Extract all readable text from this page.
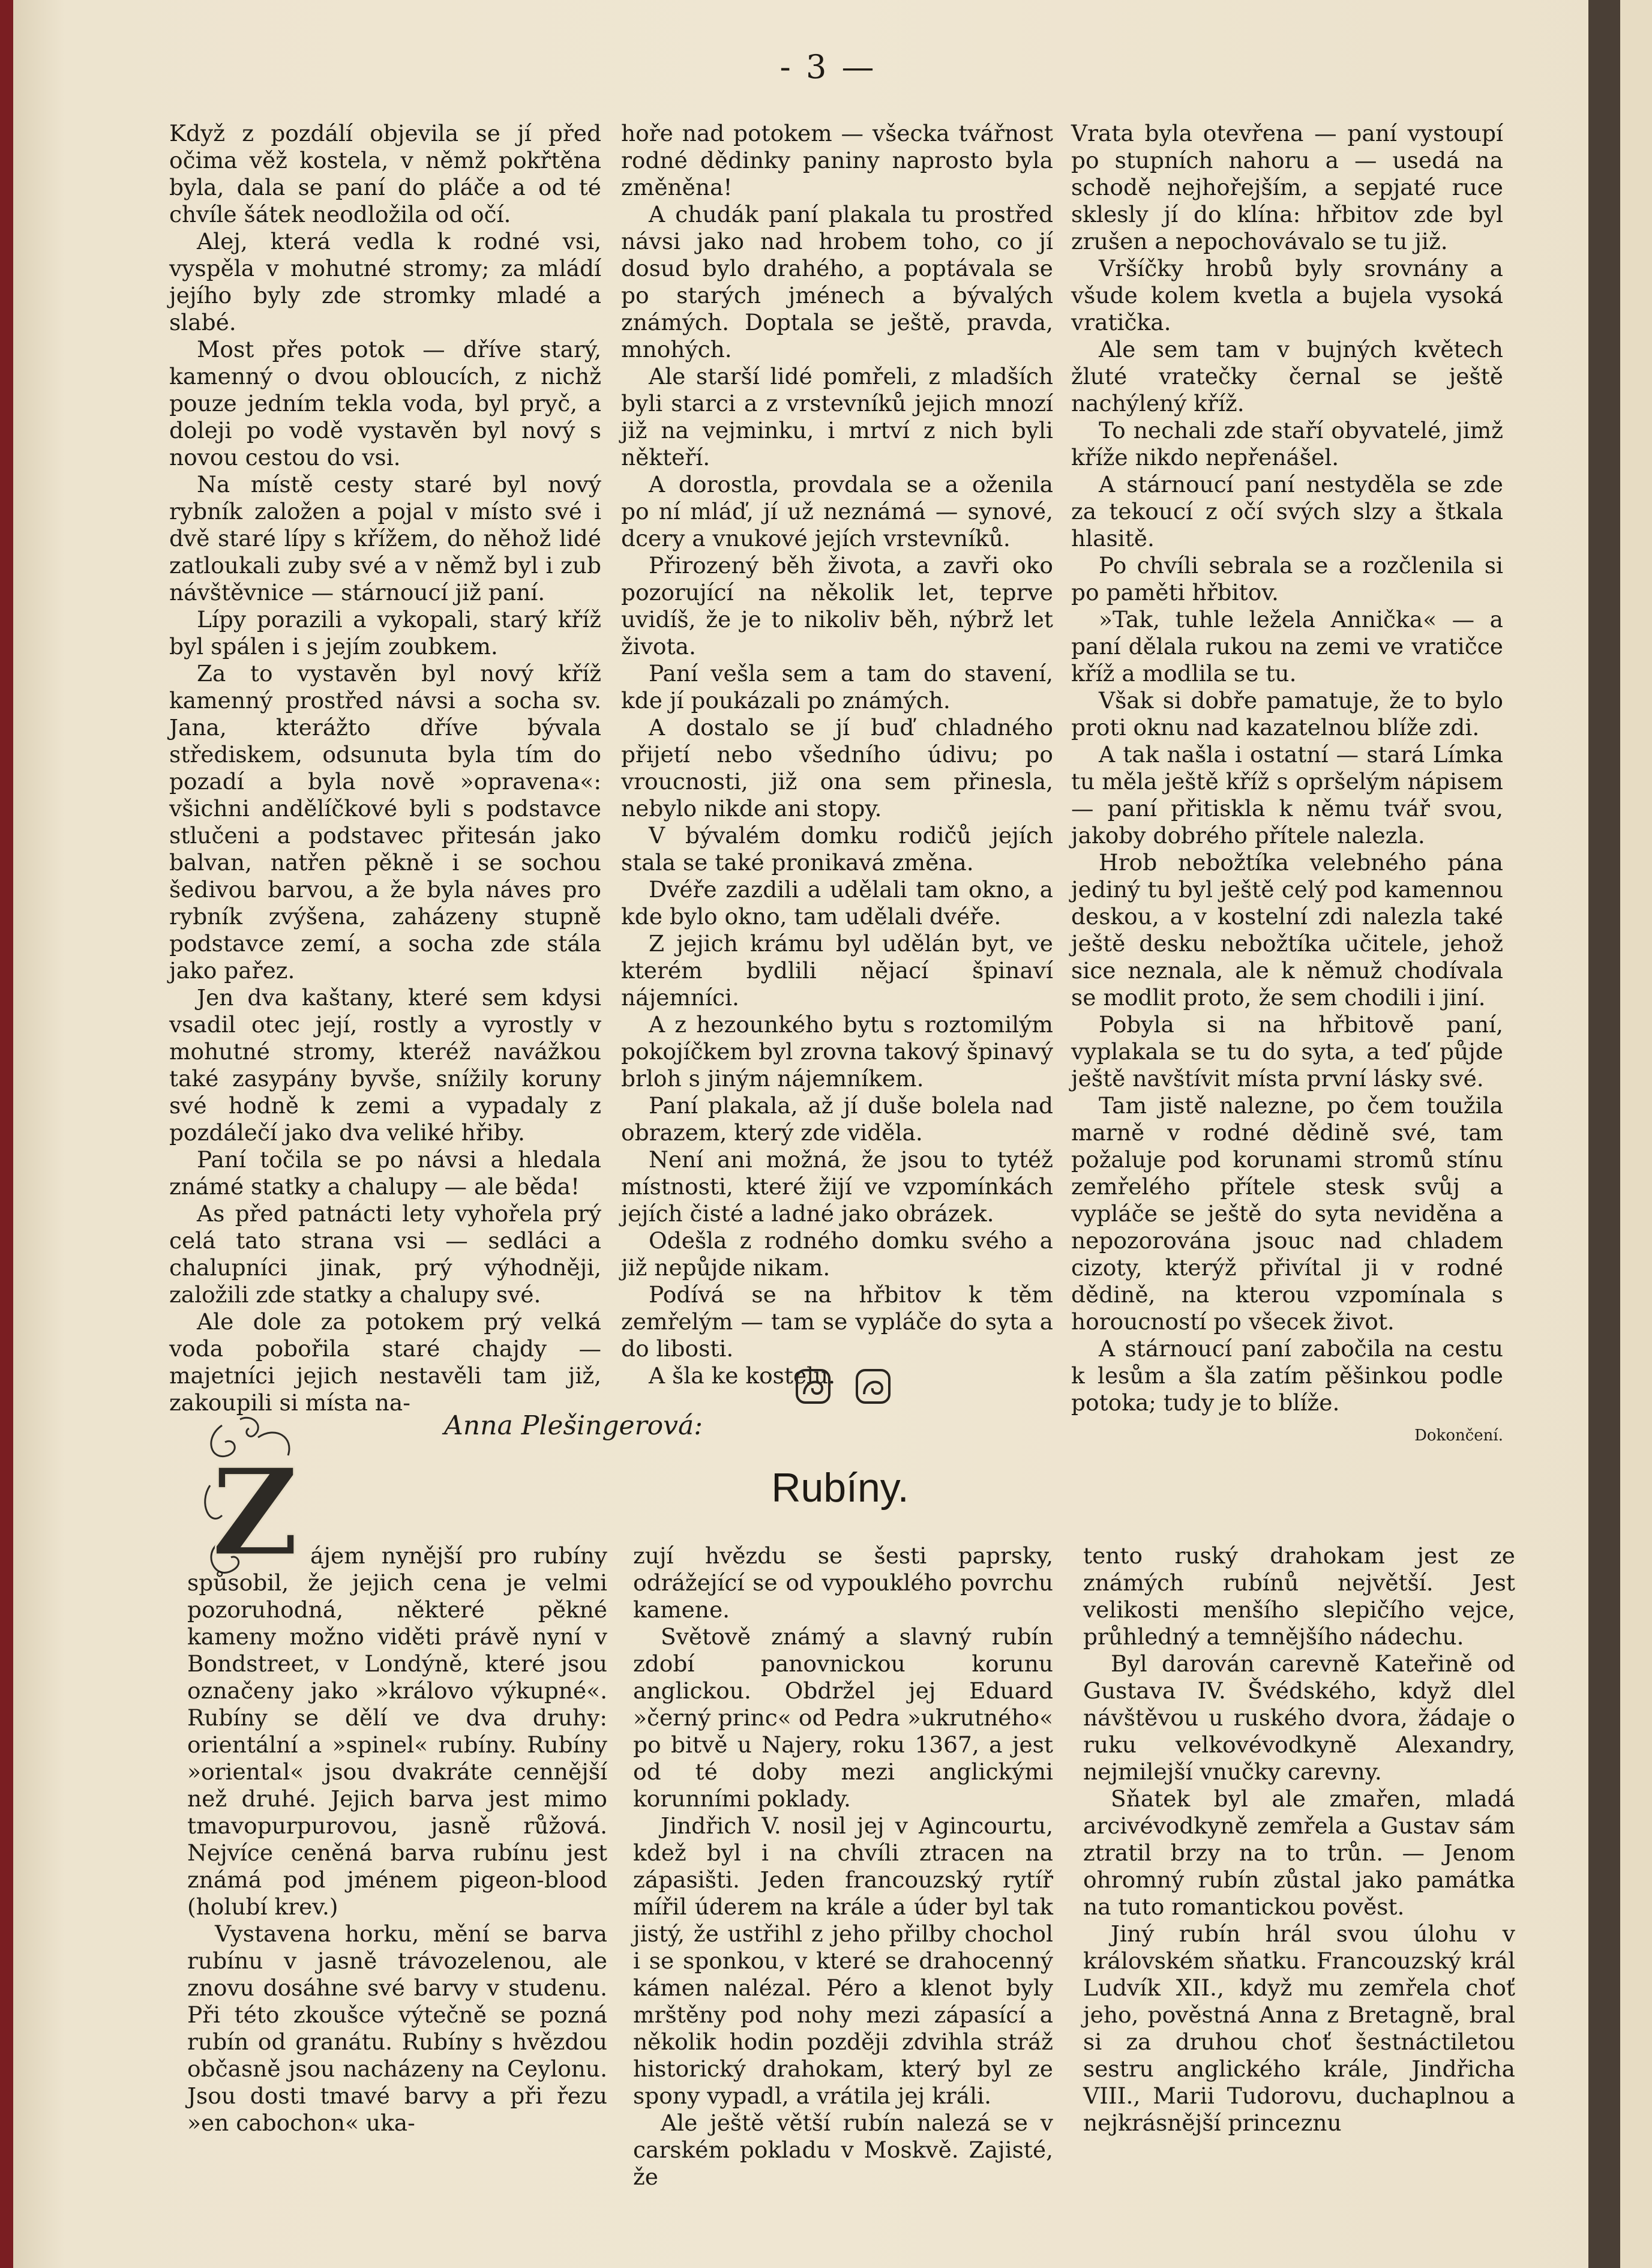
- 3 —

Když z pozdálí objevila se jí před očima věž kostela, v němž pokřtěna byla, dala se paní do pláče a od té chvíle šátek neodložila od očí.

Alej, která vedla k rodné vsi, vyspěla v mohutné stromy; za mládí jejího byly zde stromky mladé a slabé.

Most přes potok — dříve starý, kamenný o dvou obloucích, z nichž pouze jedním tekla voda, byl pryč, a doleji po vodě vystavěn byl nový s novou cestou do vsi.

Na místě cesty staré byl nový rybník založen a pojal v místo své i dvě staré lípy s křížem, do něhož lidé zatloukali zuby své a v němž byl i zub návštěvnice — stárnoucí již paní.

Lípy porazili a vykopali, starý kříž byl spálen i s jejím zoubkem.

Za to vystavěn byl nový kříž kamenný prostřed návsi a socha sv. Jana, kterážto dříve bývala střediskem, odsunuta byla tím do pozadí a byla nově »opravena«: všichni andělíčkové byli s podstavce stlučeni a podstavec přitesán jako balvan, natřen pěkně i se sochou šedivou barvou, a že byla náves pro rybník zvýšena, zaházeny stupně podstavce zemí, a socha zde stála jako pařez.

Jen dva kaštany, které sem kdysi vsadil otec její, rostly a vyrostly v mohutné stromy, kteréž navážkou také zasypány byvše, snížily koruny své hodně k zemi a vypadaly z pozdálečí jako dva veliké hřiby.

Paní točila se po návsi a hledala známé statky a chalupy — ale běda!

As před patnácti lety vyhořela prý celá tato strana vsi — sedláci a chalupníci jinak, prý výhodněji, založili zde statky a chalupy své.

Ale dole za potokem prý velká voda pobořila staré chajdy — majetníci jejich nestavěli tam již, zakoupili si místa na-

hoře nad potokem — všecka tvářnost rodné dědinky paniny naprosto byla změněna!

A chudák paní plakala tu prostřed návsi jako nad hrobem toho, co jí dosud bylo drahého, a poptávala se po starých jménech a bývalých známých. Doptala se ještě, pravda, mnohých.

Ale starší lidé pomřeli, z mladších byli starci a z vrstevníků jejich mnozí již na vejminku, i mrtví z nich byli někteří.

A dorostla, provdala se a oženila po ní mláď, jí už neznámá — synové, dcery a vnukové jejích vrstevníků.

Přirozený běh života, a zavři oko pozorující na několik let, teprve uvidíš, že je to nikoliv běh, nýbrž let života.

Paní vešla sem a tam do stavení, kde jí poukázali po známých.

A dostalo se jí buď chladného přijetí nebo všedního údivu; po vroucnosti, již ona sem přinesla, nebylo nikde ani stopy.

V bývalém domku rodičů jejích stala se také pronikavá změna.

Dvéře zazdili a udělali tam okno, a kde bylo okno, tam udělali dvéře.

Z jejich krámu byl udělán byt, ve kterém bydlili nějací špinaví nájemníci.

A z hezounkého bytu s roztomilým pokojíčkem byl zrovna takový špinavý brloh s jiným nájemníkem.

Paní plakala, až jí duše bolela nad obrazem, který zde viděla.

Není ani možná, že jsou to tytéž místnosti, které žijí ve vzpomínkách jejích čisté a ladné jako obrázek.

Odešla z rodného domku svého a již nepůjde nikam.

Podívá se na hřbitov k těm zemřelým — tam se vypláče do syta a do libosti.

A šla ke kostelu.

Vrata byla otevřena — paní vystoupí po stupních nahoru a — usedá na schodě nejhořejším, a sepjaté ruce sklesly jí do klína: hřbitov zde byl zrušen a nepochovávalo se tu již.

Vršíčky hrobů byly srovnány a všude kolem kvetla a bujela vysoká vratička.

Ale sem tam v bujných květech žluté vratečky černal se ještě nachýlený kříž.

To nechali zde staří obyvatelé, jimž kříže nikdo nepřenášel.

A stárnoucí paní nestyděla se zde za tekoucí z očí svých slzy a štkala hlasitě.

Po chvíli sebrala se a rozčlenila si po paměti hřbitov.

»Tak, tuhle ležela Annička« — a paní dělala rukou na zemi ve vratičce kříž a modlila se tu.

Však si dobře pamatuje, že to bylo proti oknu nad kazatelnou blíže zdi.

A tak našla i ostatní — stará Límka tu měla ještě kříž s opršelým nápisem — paní přitiskla k němu tvář svou, jakoby dobrého přítele nalezla.

Hrob nebožtíka velebného pána jediný tu byl ještě celý pod kamennou deskou, a v kostelní zdi nalezla také ještě desku nebožtíka učitele, jehož sice neznala, ale k němuž chodívala se modlit proto, že sem chodili i jiní.

Pobyla si na hřbitově paní, vyplakala se tu do syta, a teď půjde ještě navštívit místa první lásky své.

Tam jistě nalezne, po čem toužila marně v rodné dědině své, tam požaluje pod korunami stromů stínu zemřelého přítele stesk svůj a vypláče se ještě do syta neviděna a nepozorována jsouc nad chladem cizoty, kterýž přivítal ji v rodné dědině, na kterou vzpomínala s horoucností po všecek život.

A stárnoucí paní zabočila na cestu k lesům a šla zatím pěšinkou podle potoka; tudy je to blíže.

Dokončení.
Anna Plešingerová:
Rubíny.
Z ájem nynější pro rubíny spůsobil, že jejich cena je velmi pozoruhodná, některé pěkné kameny možno viděti právě nyní v Bondstreet, v Londýně, které jsou označeny jako »královo výkupné«. Rubíny se dělí ve dva druhy: orientální a »spinel« rubíny. Rubíny »oriental« jsou dvakráte cennější než druhé. Jejich barva jest mimo tmavopurpurovou, jasně růžová. Nejvíce ceněná barva rubínu jest známá pod jménem pigeon-blood (holubí krev.)

Vystavena horku, mění se barva rubínu v jasně trávozelenou, ale znovu dosáhne své barvy v studenu. Při této zkoušce výtečně se pozná rubín od granátu. Rubíny s hvězdou občasně jsou nacházeny na Ceylonu. Jsou dosti tmavé barvy a při řezu »en cabochon« uka-

zují hvězdu se šesti paprsky, odrážející se od vypouklého povrchu kamene.

Světově známý a slavný rubín zdobí panovnickou korunu anglickou. Obdržel jej Eduard »černý princ« od Pedra »ukrutného« po bitvě u Najery, roku 1367, a jest od té doby mezi anglickými korunními poklady.

Jindřich V. nosil jej v Agincourtu, kdež byl i na chvíli ztracen na zápasišti. Jeden francouzský rytíř mířil úderem na krále a úder byl tak jistý, že ustřihl z jeho přilby chochol i se sponkou, v které se drahocenný kámen nalézal. Péro a klenot byly mrštěny pod nohy mezi zápasící a několik hodin později zdvihla stráž historický drahokam, který byl ze spony vypadl, a vrátila jej králi.

Ale ještě větší rubín nalezá se v carském pokladu v Moskvě. Zajisté, že

tento ruský drahokam jest ze známých rubínů největší. Jest velikosti menšího slepičího vejce, průhledný a temnějšího nádechu.

Byl darován carevně Kateřině od Gustava IV. Švédského, když dlel návštěvou u ruského dvora, žádaje o ruku velkovévodkyně Alexandry, nejmilejší vnučky carevny.

Sňatek byl ale zmařen, mladá arcivévodkyně zemřela a Gustav sám ztratil brzy na to trůn. — Jenom ohromný rubín zůstal jako památka na tuto romantickou pověst.

Jiný rubín hrál svou úlohu v královském sňatku. Francouzský král Ludvík XII., když mu zemřela choť jeho, pověstná Anna z Bretagně, bral si za druhou choť šestnáctiletou sestru anglického krále, Jindřicha VIII., Marii Tudorovu, duchaplnou a nejkrásnější princeznu
